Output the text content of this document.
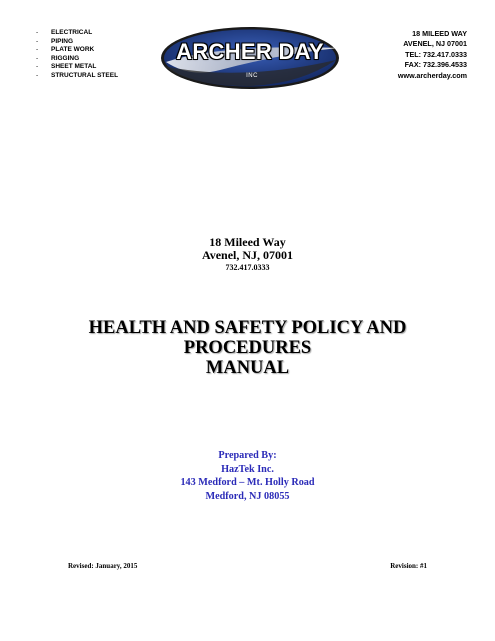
- ELECTRICAL
- PIPING
- PLATE WORK
- RIGGING
- SHEET METAL
- STRUCTURAL STEEL
ARCHER DAY
INC
18 MILEED WAY
AVENEL, NJ 07001
TEL: 732.417.0333
FAX: 732.396.4533
www.archerday.com
18 Mileed Way
Avenel, NJ, 07001
732.417.0333
HEALTH AND SAFETY POLICY AND
PROCEDURES
MANUAL
Prepared By:
HazTek Inc.
143 Medford – Mt. Holly Road
Medford, NJ 08055
Revised: January, 2015	Revision: #1
